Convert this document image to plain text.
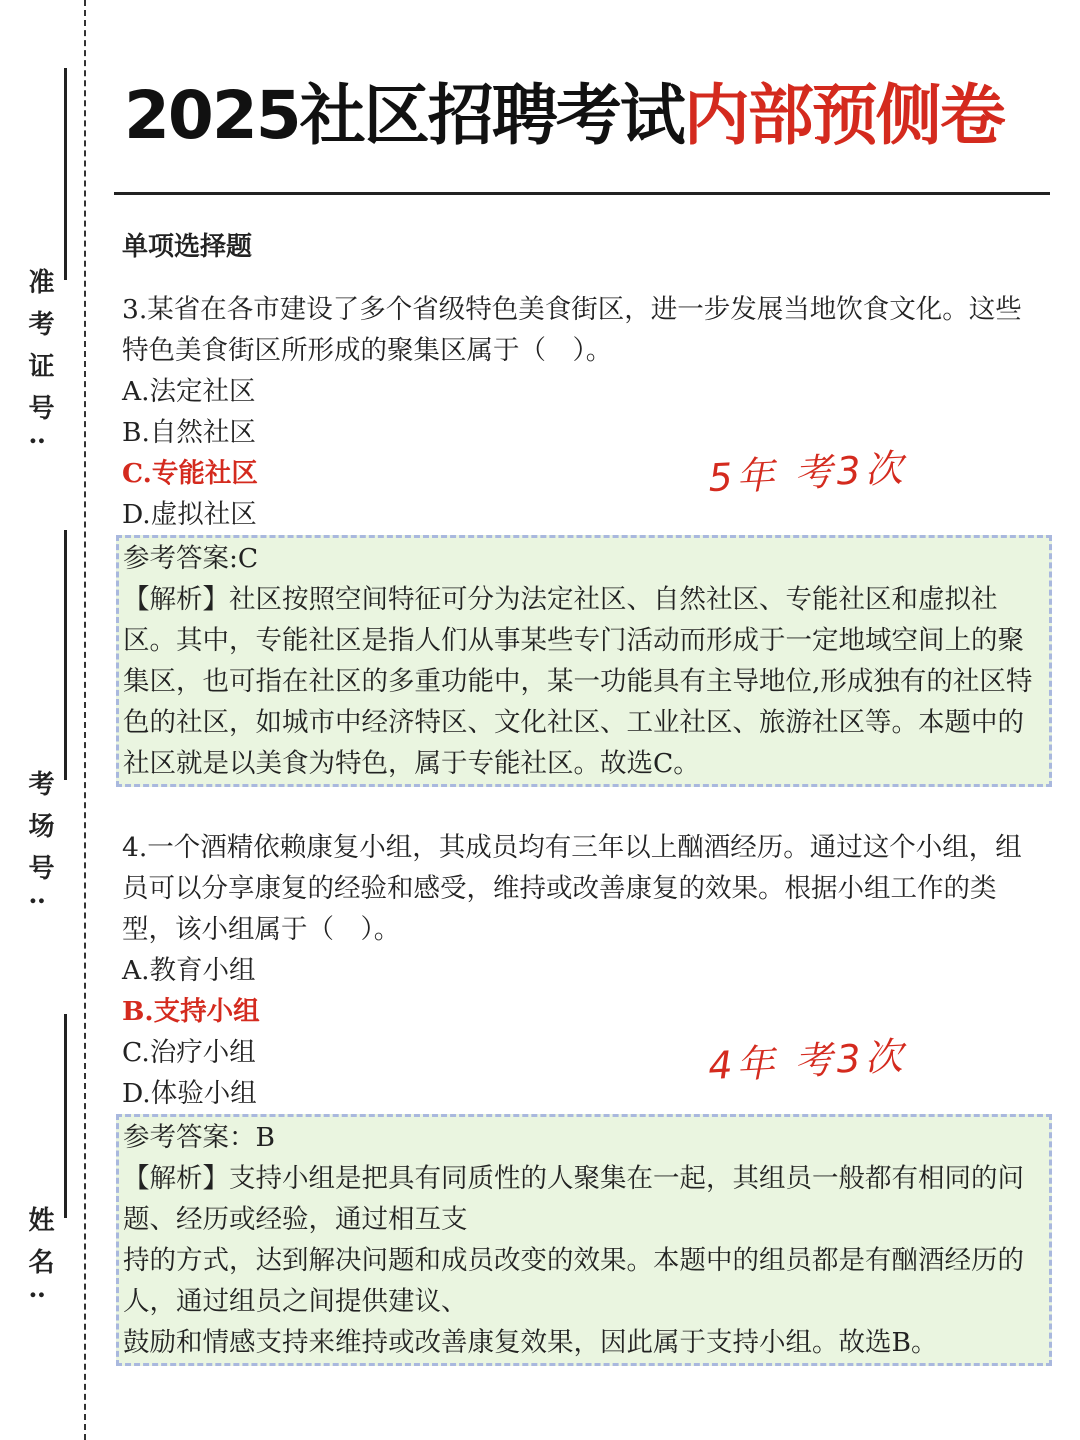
准考证号:
考场号:
姓名:
2025社区招聘考试内部预侧卷
5年 考3次
4年 考3次
单项选择题

3.某省在各市建设了多个省级特色美食街区，进一步发展当地饮食文化。这些特色美食街区所形成的聚集区属于（　）。

A.法定社区

B.自然社区

C.专能社区

D.虚拟社区

参考答案:C

【解析】社区按照空间特征可分为法定社区、自然社区、专能社区和虚拟社区。其中，专能社区是指人们从事某些专门活动而形成于一定地域空间上的聚集区，也可指在社区的多重功能中，某一功能具有主导地位,形成独有的社区特色的社区，如城市中经济特区、文化社区、工业社区、旅游社区等。本题中的社区就是以美食为特色，属于专能社区。故选C。

4.一个酒精依赖康复小组，其成员均有三年以上酗酒经历。通过这个小组，组员可以分享康复的经验和感受，维持或改善康复的效果。根据小组工作的类型，该小组属于（　）。

A.教育小组

B.支持小组

C.治疗小组

D.体验小组

参考答案：B

【解析】支持小组是把具有同质性的人聚集在一起，其组员一般都有相同的问题、经历或经验，通过相互支

持的方式，达到解决问题和成员改变的效果。本题中的组员都是有酗酒经历的人，通过组员之间提供建议、

鼓励和情感支持来维持或改善康复效果，因此属于支持小组。故选B。
